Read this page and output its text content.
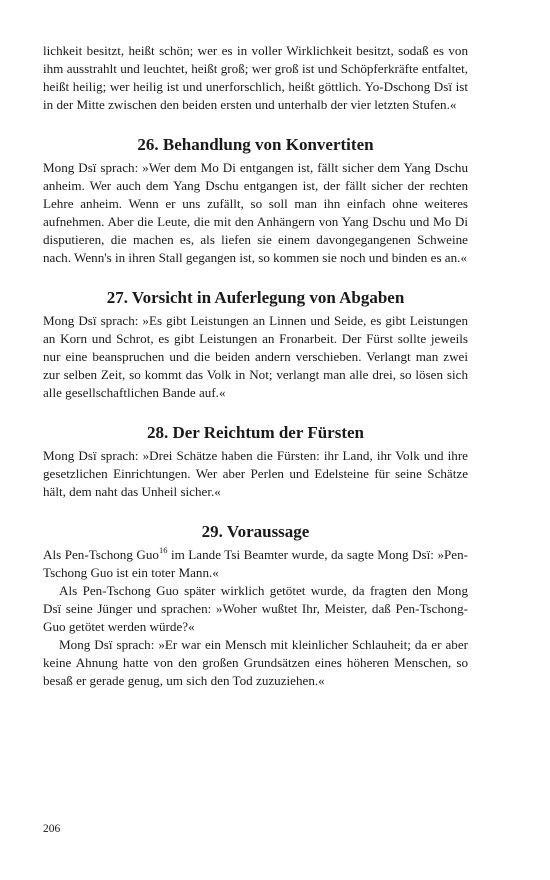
lichkeit besitzt, heißt schön; wer es in voller Wirklichkeit besitzt, sodaß es von ihm ausstrahlt und leuchtet, heißt groß; wer groß ist und Schöpferkräfte entfaltet, heißt heilig; wer heilig ist und unerforschlich, heißt göttlich. Yo-Dschong Dsï ist in der Mitte zwischen den beiden ersten und unterhalb der vier letzten Stufen.«

26. Behandlung von Konvertiten

Mong Dsï sprach: »Wer dem Mo Di entgangen ist, fällt sicher dem Yang Dschu anheim. Wer auch dem Yang Dschu entgangen ist, der fällt sicher der rechten Lehre anheim. Wenn er uns zufällt, so soll man ihn einfach ohne weiteres aufnehmen. Aber die Leute, die mit den Anhängern von Yang Dschu und Mo Di disputieren, die machen es, als liefen sie einem davongegangenen Schweine nach. Wenn's in ihren Stall gegangen ist, so kommen sie noch und binden es an.«

27. Vorsicht in Auferlegung von Abgaben

Mong Dsï sprach: »Es gibt Leistungen an Linnen und Seide, es gibt Leistungen an Korn und Schrot, es gibt Leistungen an Fronarbeit. Der Fürst sollte jeweils nur eine beanspruchen und die beiden andern verschieben. Verlangt man zwei zur selben Zeit, so kommt das Volk in Not; verlangt man alle drei, so lösen sich alle gesellschaftlichen Bande auf.«

28. Der Reichtum der Fürsten

Mong Dsï sprach: »Drei Schätze haben die Fürsten: ihr Land, ihr Volk und ihre gesetzlichen Einrichtungen. Wer aber Perlen und Edelsteine für seine Schätze hält, dem naht das Unheil sicher.«

29. Voraussage

Als Pen-Tschong Guo$^{16}$ im Lande Tsi Beamter wurde, da sagte Mong Dsï: »Pen-Tschong Guo ist ein toter Mann.«

Als Pen-Tschong Guo später wirklich getötet wurde, da fragten den Mong Dsï seine Jünger und sprachen: »Woher wußtet Ihr, Meister, daß Pen-Tschong-Guo getötet werden würde?«

Mong Dsï sprach: »Er war ein Mensch mit kleinlicher Schlauheit; da er aber keine Ahnung hatte von den großen Grundsätzen eines höheren Menschen, so besaß er gerade genug, um sich den Tod zuzuziehen.«

206
